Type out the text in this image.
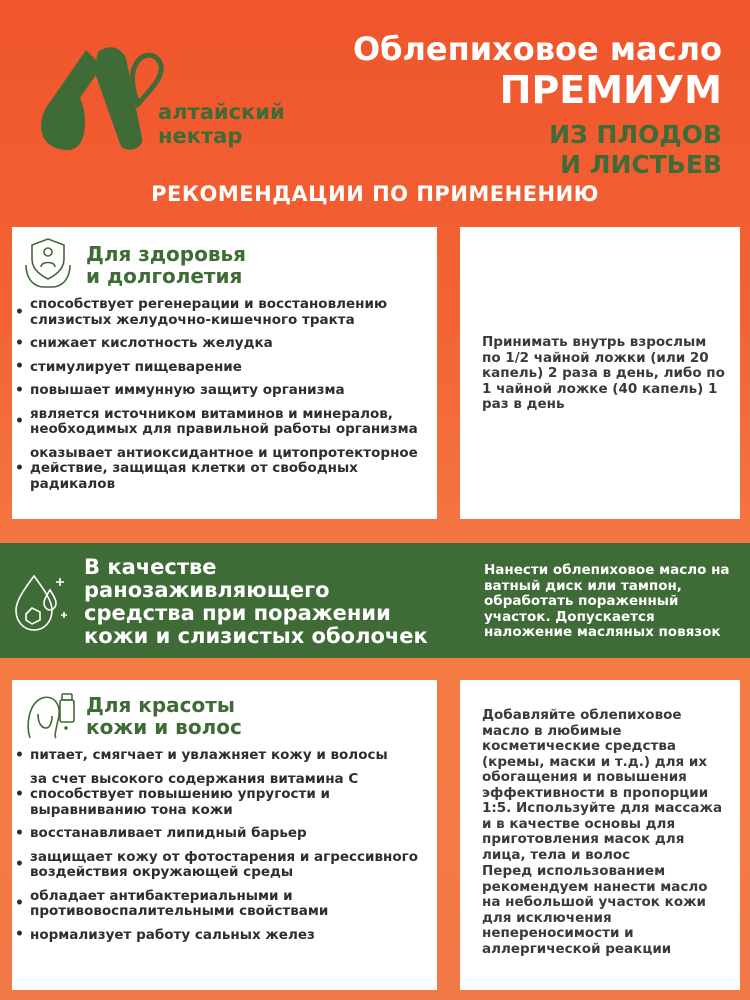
алтайский
нектар
Облепиховое масло
ПРЕМИУМ
ИЗ ПЛОДОВ
И ЛИСТЬЕВ
РЕКОМЕНДАЦИИ ПО ПРИМЕНЕНИЮ
Для здоровья
и долголетия
• способствует регенерации и восстановлению слизистых желудочно-кишечного тракта
• снижает кислотность желудка
• стимулирует пищеварение
• повышает иммунную защиту организма
• является источником витаминов и минералов, необходимых для правильной работы организма
• оказывает антиоксидантное и цитопротекторное действие, защищая клетки от свободных радикалов
Принимать внутрь взрослым по 1/2 чайной ложки (или 20 капель) 2 раза в день, либо по 1 чайной ложке (40 капель) 1 раз в день
В качестве ранозаживляющего средства при поражении кожи и слизистых оболочек
Нанести облепиховое масло на ватный диск или тампон, обработать пораженный участок. Допускается наложение масляных повязок
Для красоты
кожи и волос
• питает, смягчает и увлажняет кожу и волосы
• за счет высокого содержания витамина С способствует повышению упругости и выравниванию тона кожи
• восстанавливает липидный барьер
• защищает кожу от фотостарения и агрессивного воздействия окружающей среды
• обладает антибактериальными и противовоспалительными свойствами
• нормализует работу сальных желез
Добавляйте облепиховое масло в любимые косметические средства (кремы, маски и т.д.) для их обогащения и повышения эффективности в пропорции 1:5. Используйте для массажа и в качестве основы для приготовления масок для лица, тела и волос
Перед использованием рекомендуем нанести масло на небольшой участок кожи для исключения непереносимости и аллергической реакции
